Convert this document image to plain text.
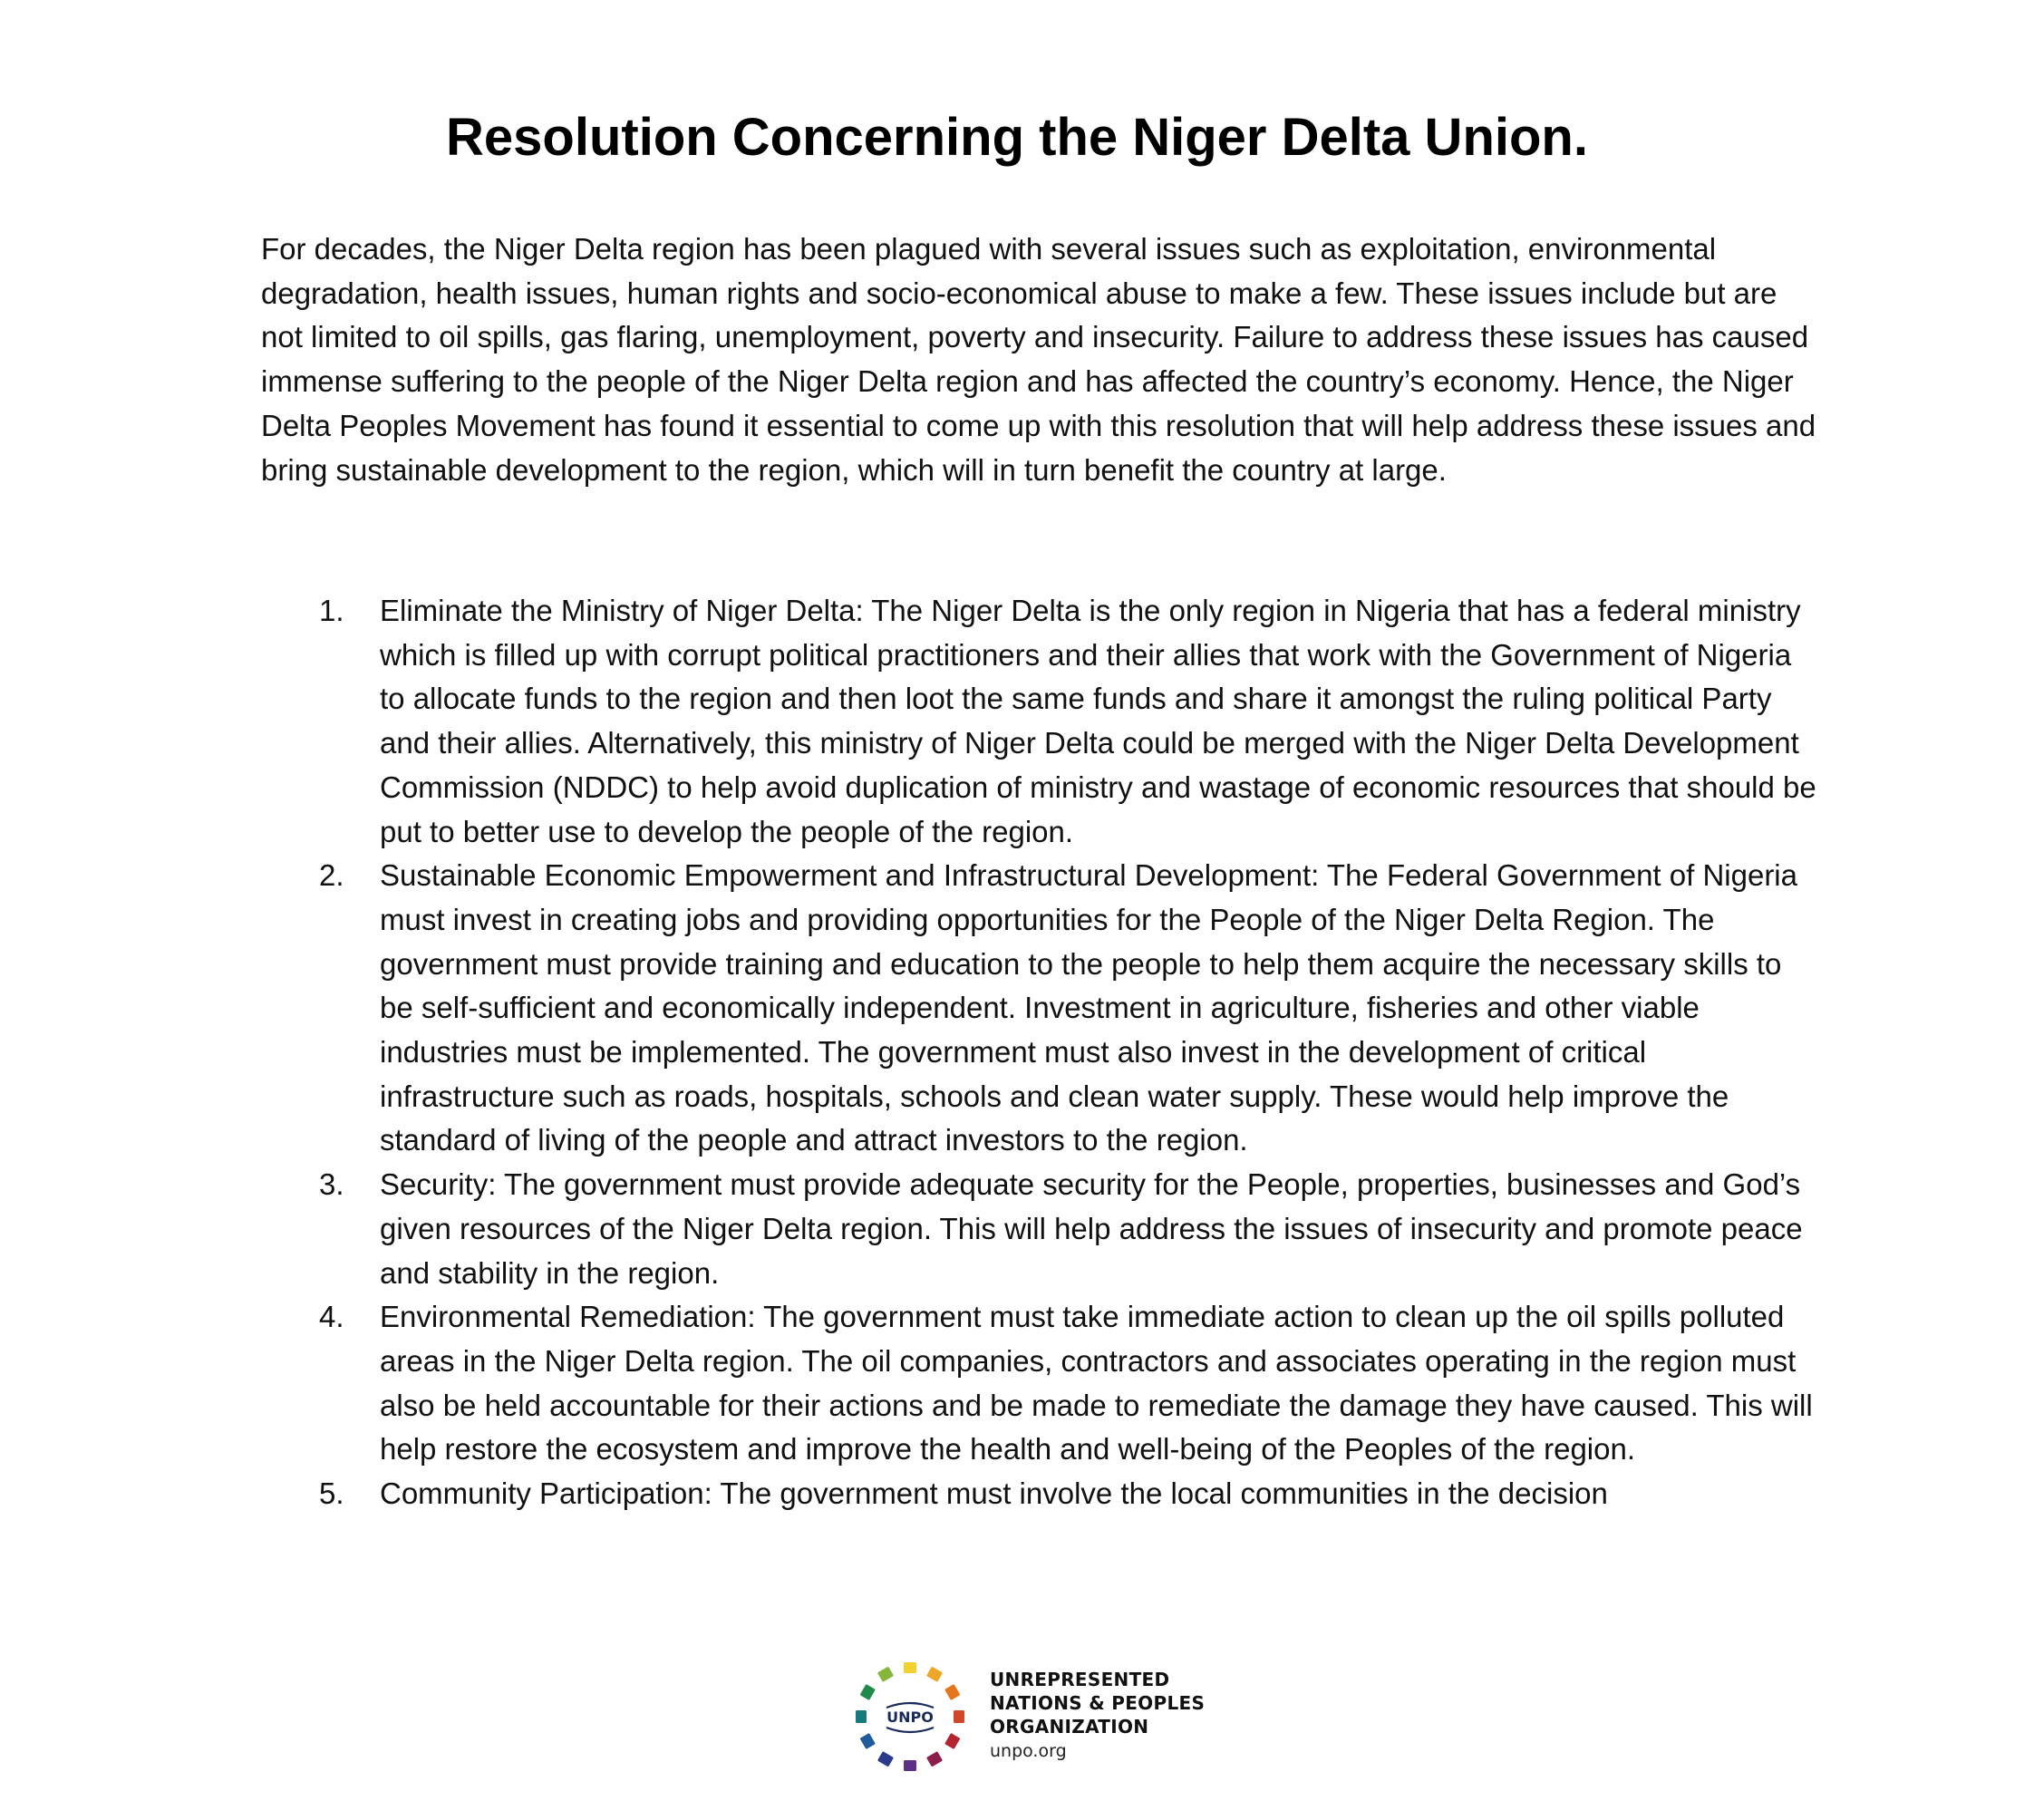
Resolution Concerning the Niger Delta Union.

For decades, the Niger Delta region has been plagued with several issues such as exploitation, environmental degradation, health issues, human rights and socio-economical abuse to make a few. These issues include but are not limited to oil spills, gas flaring, unemployment, poverty and insecurity. Failure to address these issues has caused immense suffering to the people of the Niger Delta region and has affected the country’s economy. Hence, the Niger Delta Peoples Movement has found it essential to come up with this resolution that will help address these issues and bring sustainable development to the region, which will in turn benefit the country at large.

1. Eliminate the Ministry of Niger Delta: The Niger Delta is the only region in Nigeria that has a federal ministry which is filled up with corrupt political practitioners and their allies that work with the Government of Nigeria to allocate funds to the region and then loot the same funds and share it amongst the ruling political Party and their allies. Alternatively, this ministry of Niger Delta could be merged with the Niger Delta Development Commission (NDDC) to help avoid duplication of ministry and wastage of economic resources that should be put to better use to develop the people of the region.
2. Sustainable Economic Empowerment and Infrastructural Development: The Federal Government of Nigeria must invest in creating jobs and providing opportunities for the People of the Niger Delta Region. The government must provide training and education to the people to help them acquire the necessary skills to be self-sufficient and economically independent. Investment in agriculture, fisheries and other viable industries must be implemented. The government must also invest in the development of critical infrastructure such as roads, hospitals, schools and clean water supply. These would help improve the standard of living of the people and attract investors to the region.
3. Security: The government must provide adequate security for the People, properties, businesses and God’s given resources of the Niger Delta region. This will help address the issues of insecurity and promote peace and stability in the region.
4. Environmental Remediation: The government must take immediate action to clean up the oil spills polluted areas in the Niger Delta region. The oil companies, contractors and associates operating in the region must also be held accountable for their actions and be made to remediate the damage they have caused. This will help restore the ecosystem and improve the health and well-being of the Peoples of the region.
5. Community Participation: The government must involve the local communities in the decision
UNPO
UNREPRESENTED
NATIONS & PEOPLES
ORGANIZATION
unpo.org
